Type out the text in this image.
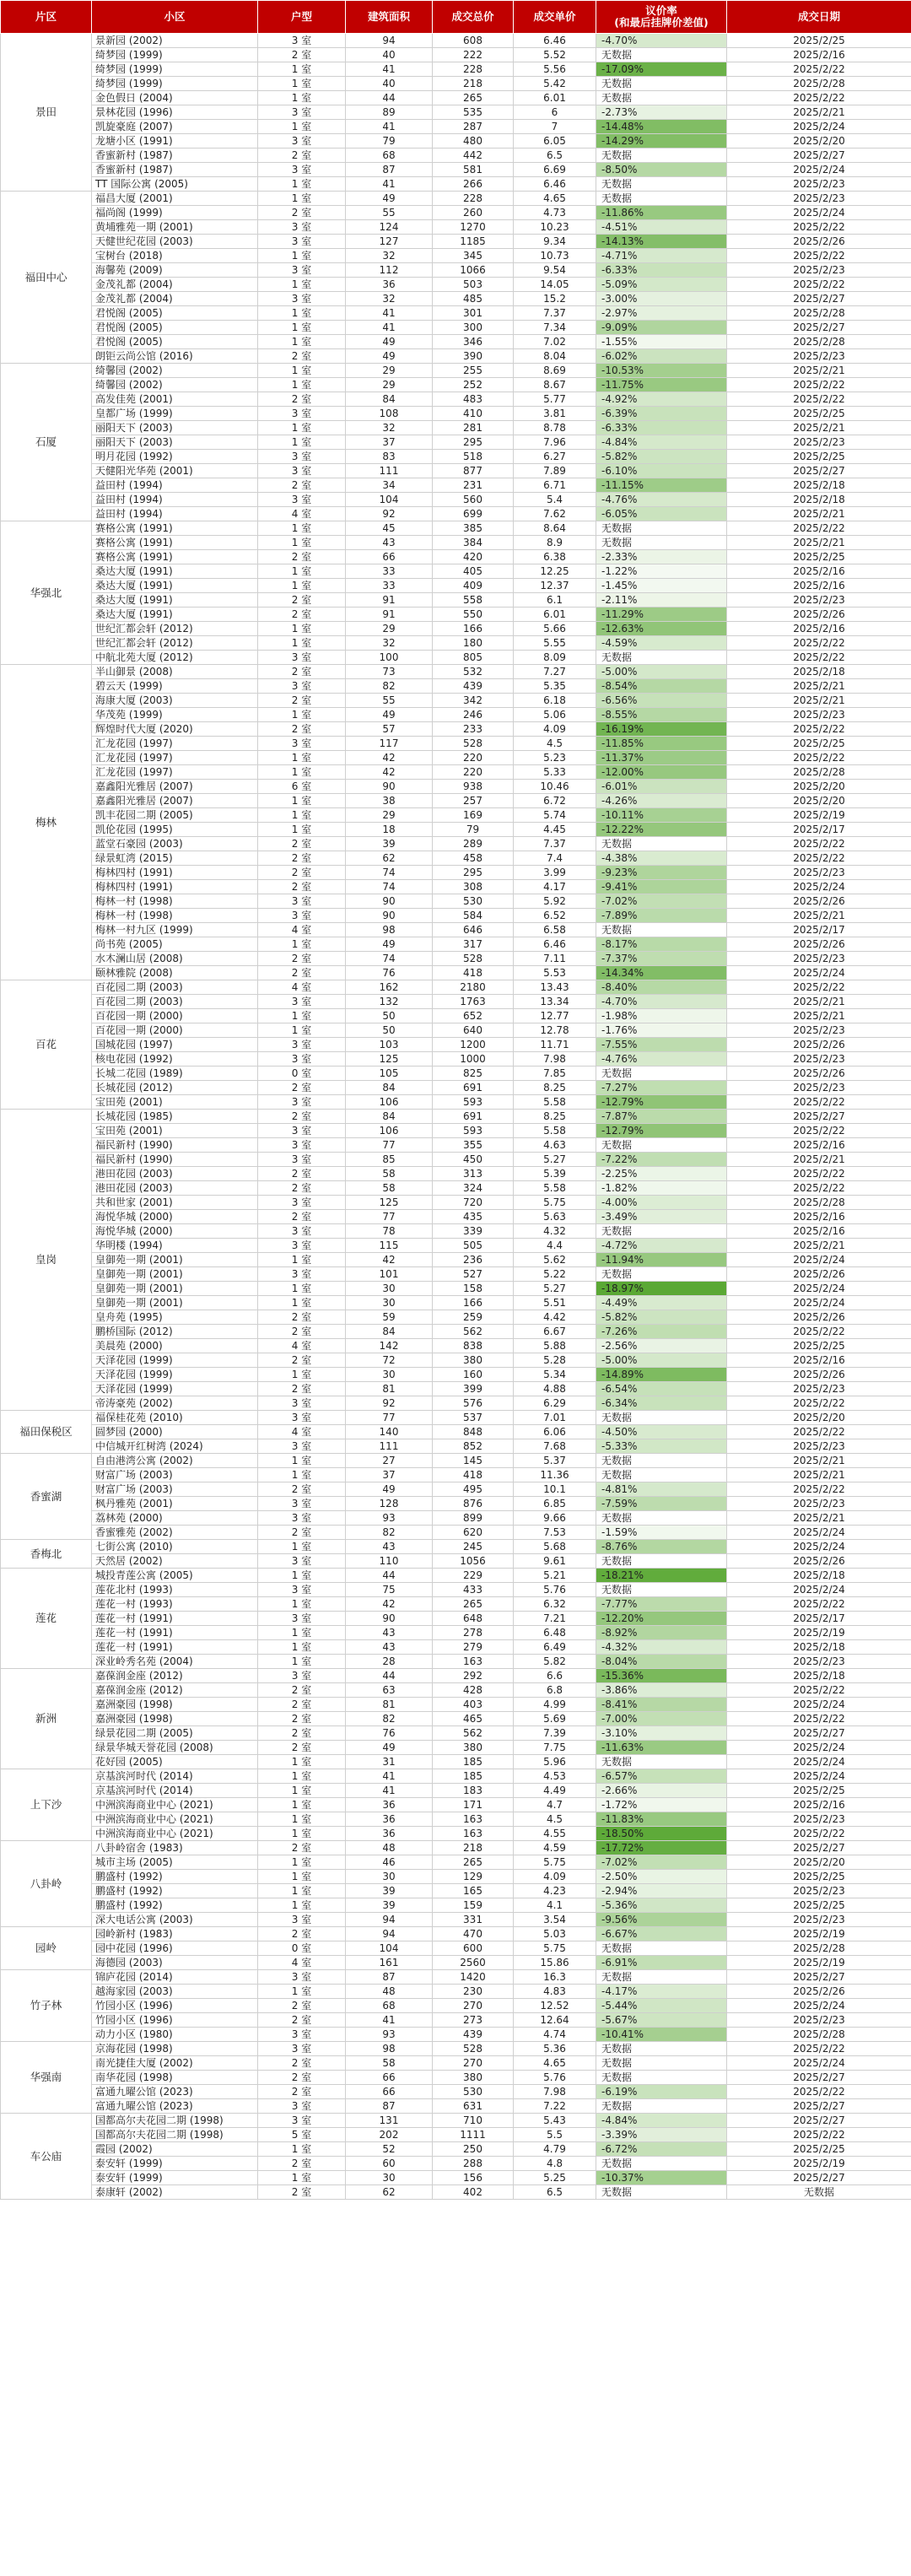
片区	小区	户型	建筑面积	成交总价	成交单价	议价率
(和最后挂牌价差值)	成交日期
景田	景新园 (2002)	3 室	94	608	6.46	-4.70%	2025/2/25
	绮梦园 (1999)	2 室	40	222	5.52	无数据	2025/2/16
	绮梦园 (1999)	1 室	41	228	5.56	-17.09%	2025/2/22
	绮梦园 (1999)	1 室	40	218	5.42	无数据	2025/2/28
	金色假日 (2004)	1 室	44	265	6.01	无数据	2025/2/22
	景林花园 (1996)	3 室	89	535	6	-2.73%	2025/2/21
	凯旋豪庭 (2007)	1 室	41	287	7	-14.48%	2025/2/24
	龙塘小区 (1991)	3 室	79	480	6.05	-14.29%	2025/2/20
	香蜜新村 (1987)	2 室	68	442	6.5	无数据	2025/2/27
	香蜜新村 (1987)	3 室	87	581	6.69	-8.50%	2025/2/24
	TT 国际公寓 (2005)	1 室	41	266	6.46	无数据	2025/2/23
福田中心	福昌大厦 (2001)	1 室	49	228	4.65	无数据	2025/2/23
	福尚阁 (1999)	2 室	55	260	4.73	-11.86%	2025/2/24
	黄埔雅苑一期 (2001)	3 室	124	1270	10.23	-4.51%	2025/2/22
	天健世纪花园 (2003)	3 室	127	1185	9.34	-14.13%	2025/2/26
	宝树台 (2018)	1 室	32	345	10.73	-4.71%	2025/2/22
	海馨苑 (2009)	3 室	112	1066	9.54	-6.33%	2025/2/23
	金茂礼都 (2004)	1 室	36	503	14.05	-5.09%	2025/2/22
	金茂礼都 (2004)	3 室	32	485	15.2	-3.00%	2025/2/27
	君悦阁 (2005)	1 室	41	301	7.37	-2.97%	2025/2/28
	君悦阁 (2005)	1 室	41	300	7.34	-9.09%	2025/2/27
	君悦阁 (2005)	1 室	49	346	7.02	-1.55%	2025/2/28
	朗钜云尚公馆 (2016)	2 室	49	390	8.04	-6.02%	2025/2/23
石厦	绮馨园 (2002)	1 室	29	255	8.69	-10.53%	2025/2/21
	绮馨园 (2002)	1 室	29	252	8.67	-11.75%	2025/2/22
	高发佳苑 (2001)	2 室	84	483	5.77	-4.92%	2025/2/22
	皇都广场 (1999)	3 室	108	410	3.81	-6.39%	2025/2/25
	丽阳天下 (2003)	1 室	32	281	8.78	-6.33%	2025/2/21
	丽阳天下 (2003)	1 室	37	295	7.96	-4.84%	2025/2/23
	明月花园 (1992)	3 室	83	518	6.27	-5.82%	2025/2/25
	天健阳光华苑 (2001)	3 室	111	877	7.89	-6.10%	2025/2/27
	益田村 (1994)	2 室	34	231	6.71	-11.15%	2025/2/18
	益田村 (1994)	3 室	104	560	5.4	-4.76%	2025/2/18
	益田村 (1994)	4 室	92	699	7.62	-6.05%	2025/2/21
华强北	赛格公寓 (1991)	1 室	45	385	8.64	无数据	2025/2/22
	赛格公寓 (1991)	1 室	43	384	8.9	无数据	2025/2/21
	赛格公寓 (1991)	2 室	66	420	6.38	-2.33%	2025/2/25
	桑达大厦 (1991)	1 室	33	405	12.25	-1.22%	2025/2/16
	桑达大厦 (1991)	1 室	33	409	12.37	-1.45%	2025/2/16
	桑达大厦 (1991)	2 室	91	558	6.1	-2.11%	2025/2/23
	桑达大厦 (1991)	2 室	91	550	6.01	-11.29%	2025/2/26
	世纪汇都会轩 (2012)	1 室	29	166	5.66	-12.63%	2025/2/16
	世纪汇都会轩 (2012)	1 室	32	180	5.55	-4.59%	2025/2/22
	中航北苑大厦 (2012)	3 室	100	805	8.09	无数据	2025/2/22
梅林	半山御景 (2008)	2 室	73	532	7.27	-5.00%	2025/2/18
	碧云天 (1999)	3 室	82	439	5.35	-8.54%	2025/2/21
	海康大厦 (2003)	2 室	55	342	6.18	-6.56%	2025/2/21
	华茂苑 (1999)	1 室	49	246	5.06	-8.55%	2025/2/23
	辉煌时代大厦 (2020)	2 室	57	233	4.09	-16.19%	2025/2/22
	汇龙花园 (1997)	3 室	117	528	4.5	-11.85%	2025/2/25
	汇龙花园 (1997)	1 室	42	220	5.23	-11.37%	2025/2/22
	汇龙花园 (1997)	1 室	42	220	5.33	-12.00%	2025/2/28
	嘉鑫阳光雅居 (2007)	6 室	90	938	10.46	-6.01%	2025/2/20
	嘉鑫阳光雅居 (2007)	1 室	38	257	6.72	-4.26%	2025/2/20
	凯丰花园二期 (2005)	1 室	29	169	5.74	-10.11%	2025/2/19
	凯伦花园 (1995)	1 室	18	79	4.45	-12.22%	2025/2/17
	蓝堂石豪园 (2003)	2 室	39	289	7.37	无数据	2025/2/22
	绿景虹湾 (2015)	2 室	62	458	7.4	-4.38%	2025/2/22
	梅林四村 (1991)	2 室	74	295	3.99	-9.23%	2025/2/23
	梅林四村 (1991)	2 室	74	308	4.17	-9.41%	2025/2/24
	梅林一村 (1998)	3 室	90	530	5.92	-7.02%	2025/2/26
	梅林一村 (1998)	3 室	90	584	6.52	-7.89%	2025/2/21
	梅林一村九区 (1999)	4 室	98	646	6.58	无数据	2025/2/17
	尚书苑 (2005)	1 室	49	317	6.46	-8.17%	2025/2/26
	水木澜山居 (2008)	2 室	74	528	7.11	-7.37%	2025/2/23
	颐林雅院 (2008)	2 室	76	418	5.53	-14.34%	2025/2/24
百花	百花园二期 (2003)	4 室	162	2180	13.43	-8.40%	2025/2/22
	百花园二期 (2003)	3 室	132	1763	13.34	-4.70%	2025/2/21
	百花园一期 (2000)	1 室	50	652	12.77	-1.98%	2025/2/21
	百花园一期 (2000)	1 室	50	640	12.78	-1.76%	2025/2/23
	国城花园 (1997)	3 室	103	1200	11.71	-7.55%	2025/2/26
	核电花园 (1992)	3 室	125	1000	7.98	-4.76%	2025/2/23
	长城二花园 (1989)	0 室	105	825	7.85	无数据	2025/2/26
	长城花园 (2012)	2 室	84	691	8.25	-7.27%	2025/2/23
	宝田苑 (2001)	3 室	106	593	5.58	-12.79%	2025/2/22
皇岗	长城花园 (1985)	2 室	84	691	8.25	-7.87%	2025/2/27
	宝田苑 (2001)	3 室	106	593	5.58	-12.79%	2025/2/22
	福民新村 (1990)	3 室	77	355	4.63	无数据	2025/2/16
	福民新村 (1990)	3 室	85	450	5.27	-7.22%	2025/2/21
	港田花园 (2003)	2 室	58	313	5.39	-2.25%	2025/2/22
	港田花园 (2003)	2 室	58	324	5.58	-1.82%	2025/2/22
	共和世家 (2001)	3 室	125	720	5.75	-4.00%	2025/2/28
	海悦华城 (2000)	2 室	77	435	5.63	-3.49%	2025/2/16
	海悦华城 (2000)	3 室	78	339	4.32	无数据	2025/2/16
	华明楼 (1994)	3 室	115	505	4.4	-4.72%	2025/2/21
	皇御苑一期 (2001)	1 室	42	236	5.62	-11.94%	2025/2/24
	皇御苑一期 (2001)	3 室	101	527	5.22	无数据	2025/2/26
	皇御苑一期 (2001)	1 室	30	158	5.27	-18.97%	2025/2/24
	皇御苑一期 (2001)	1 室	30	166	5.51	-4.49%	2025/2/24
	皇舟苑 (1995)	2 室	59	259	4.42	-5.82%	2025/2/26
	鹏桥国际 (2012)	2 室	84	562	6.67	-7.26%	2025/2/22
	美晨苑 (2000)	4 室	142	838	5.88	-2.56%	2025/2/25
	天泽花园 (1999)	2 室	72	380	5.28	-5.00%	2025/2/16
	天泽花园 (1999)	1 室	30	160	5.34	-14.89%	2025/2/26
	天泽花园 (1999)	2 室	81	399	4.88	-6.54%	2025/2/23
	帝涛豪苑 (2002)	3 室	92	576	6.29	-6.34%	2025/2/22
福田保税区	福保桂花苑 (2010)	3 室	77	537	7.01	无数据	2025/2/20
	圆梦园 (2000)	4 室	140	848	6.06	-4.50%	2025/2/22
	中信城开红树湾 (2024)	3 室	111	852	7.68	-5.33%	2025/2/23
香蜜湖	自由港湾公寓 (2002)	1 室	27	145	5.37	无数据	2025/2/21
	财富广场 (2003)	1 室	37	418	11.36	无数据	2025/2/21
	财富广场 (2003)	2 室	49	495	10.1	-4.81%	2025/2/22
	枫丹雅苑 (2001)	3 室	128	876	6.85	-7.59%	2025/2/23
	荔林苑 (2000)	3 室	93	899	9.66	无数据	2025/2/21
	香蜜雅苑 (2002)	2 室	82	620	7.53	-1.59%	2025/2/24
香梅北	七街公寓 (2010)	1 室	43	245	5.68	-8.76%	2025/2/24
	天然居 (2002)	3 室	110	1056	9.61	无数据	2025/2/26
莲花	城投青莲公寓 (2005)	1 室	44	229	5.21	-18.21%	2025/2/18
	莲花北村 (1993)	3 室	75	433	5.76	无数据	2025/2/24
	莲花一村 (1993)	1 室	42	265	6.32	-7.77%	2025/2/22
	莲花一村 (1991)	3 室	90	648	7.21	-12.20%	2025/2/17
	莲花一村 (1991)	1 室	43	278	6.48	-8.92%	2025/2/19
	莲花一村 (1991)	1 室	43	279	6.49	-4.32%	2025/2/18
	深业岭秀名苑 (2004)	1 室	28	163	5.82	-8.04%	2025/2/23
新洲	嘉葆润金座 (2012)	3 室	44	292	6.6	-15.36%	2025/2/18
	嘉葆润金座 (2012)	2 室	63	428	6.8	-3.86%	2025/2/22
	嘉洲豪园 (1998)	2 室	81	403	4.99	-8.41%	2025/2/24
	嘉洲豪园 (1998)	2 室	82	465	5.69	-7.00%	2025/2/22
	绿景花园二期 (2005)	2 室	76	562	7.39	-3.10%	2025/2/27
	绿景华城天誉花园 (2008)	2 室	49	380	7.75	-11.63%	2025/2/24
	花好园 (2005)	1 室	31	185	5.96	无数据	2025/2/24
上下沙	京基滨河时代 (2014)	1 室	41	185	4.53	-6.57%	2025/2/24
	京基滨河时代 (2014)	1 室	41	183	4.49	-2.66%	2025/2/25
	中洲滨海商业中心 (2021)	1 室	36	171	4.7	-1.72%	2025/2/16
	中洲滨海商业中心 (2021)	1 室	36	163	4.5	-11.83%	2025/2/23
	中洲滨海商业中心 (2021)	1 室	36	163	4.55	-18.50%	2025/2/22
八卦岭	八卦岭宿舍 (1983)	2 室	48	218	4.59	-17.72%	2025/2/27
	城市主场 (2005)	1 室	46	265	5.75	-7.02%	2025/2/20
	鹏盛村 (1992)	1 室	30	129	4.09	-2.50%	2025/2/25
	鹏盛村 (1992)	1 室	39	165	4.23	-2.94%	2025/2/23
	鹏盛村 (1992)	1 室	39	159	4.1	-5.36%	2025/2/25
	深大电话公寓 (2003)	3 室	94	331	3.54	-9.56%	2025/2/23
园岭	园岭新村 (1983)	2 室	94	470	5.03	-6.67%	2025/2/19
	园中花园 (1996)	0 室	104	600	5.75	无数据	2025/2/28
	海德园 (2003)	4 室	161	2560	15.86	-6.91%	2025/2/19
竹子林	锦庐花园 (2014)	3 室	87	1420	16.3	无数据	2025/2/27
	越海家园 (2003)	1 室	48	230	4.83	-4.17%	2025/2/26
	竹园小区 (1996)	2 室	68	270	12.52	-5.44%	2025/2/24
	竹园小区 (1996)	2 室	41	273	12.64	-5.67%	2025/2/23
	动力小区 (1980)	3 室	93	439	4.74	-10.41%	2025/2/28
华强南	京海花园 (1998)	3 室	98	528	5.36	无数据	2025/2/22
	南光捷佳大厦 (2002)	2 室	58	270	4.65	无数据	2025/2/24
	南华花园 (1998)	2 室	66	380	5.76	无数据	2025/2/27
	富通九曜公馆 (2023)	2 室	66	530	7.98	-6.19%	2025/2/22
	富通九曜公馆 (2023)	3 室	87	631	7.22	无数据	2025/2/27
车公庙	国都高尔夫花园二期 (1998)	3 室	131	710	5.43	-4.84%	2025/2/27
	国都高尔夫花园二期 (1998)	5 室	202	1111	5.5	-3.39%	2025/2/22
	霞园 (2002)	1 室	52	250	4.79	-6.72%	2025/2/25
	泰安轩 (1999)	2 室	60	288	4.8	无数据	2025/2/19
	泰安轩 (1999)	1 室	30	156	5.25	-10.37%	2025/2/27
	泰康轩 (2002)	2 室	62	402	6.5	无数据	无数据
